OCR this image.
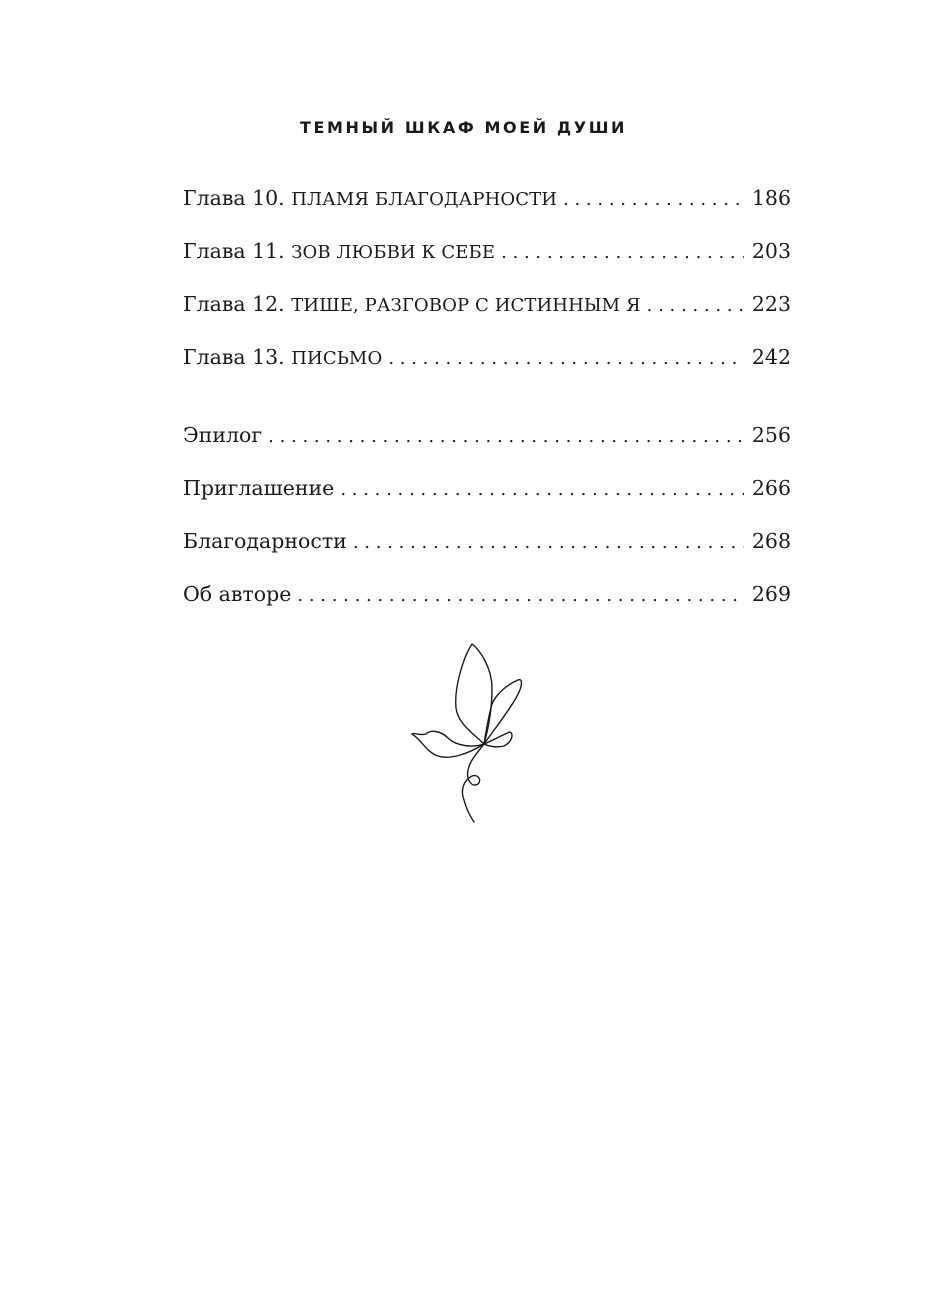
ТЕМНЫЙ ШКАФ МОЕЙ ДУШИ
Глава 10. ПЛАМЯ БЛАГОДАРНОСТИ . . .	186
Глава 11. ЗОВ ЛЮБВИ К СЕБЕ . . .	203
Глава 12. ТИШЕ, РАЗГОВОР С ИСТИННЫМ Я . . .	223
Глава 13. ПИСЬМО . . .	242
Эпилог . . .	256
Приглашение . . .	266
Благодарности . . .	268
Об авторе . . .	269
